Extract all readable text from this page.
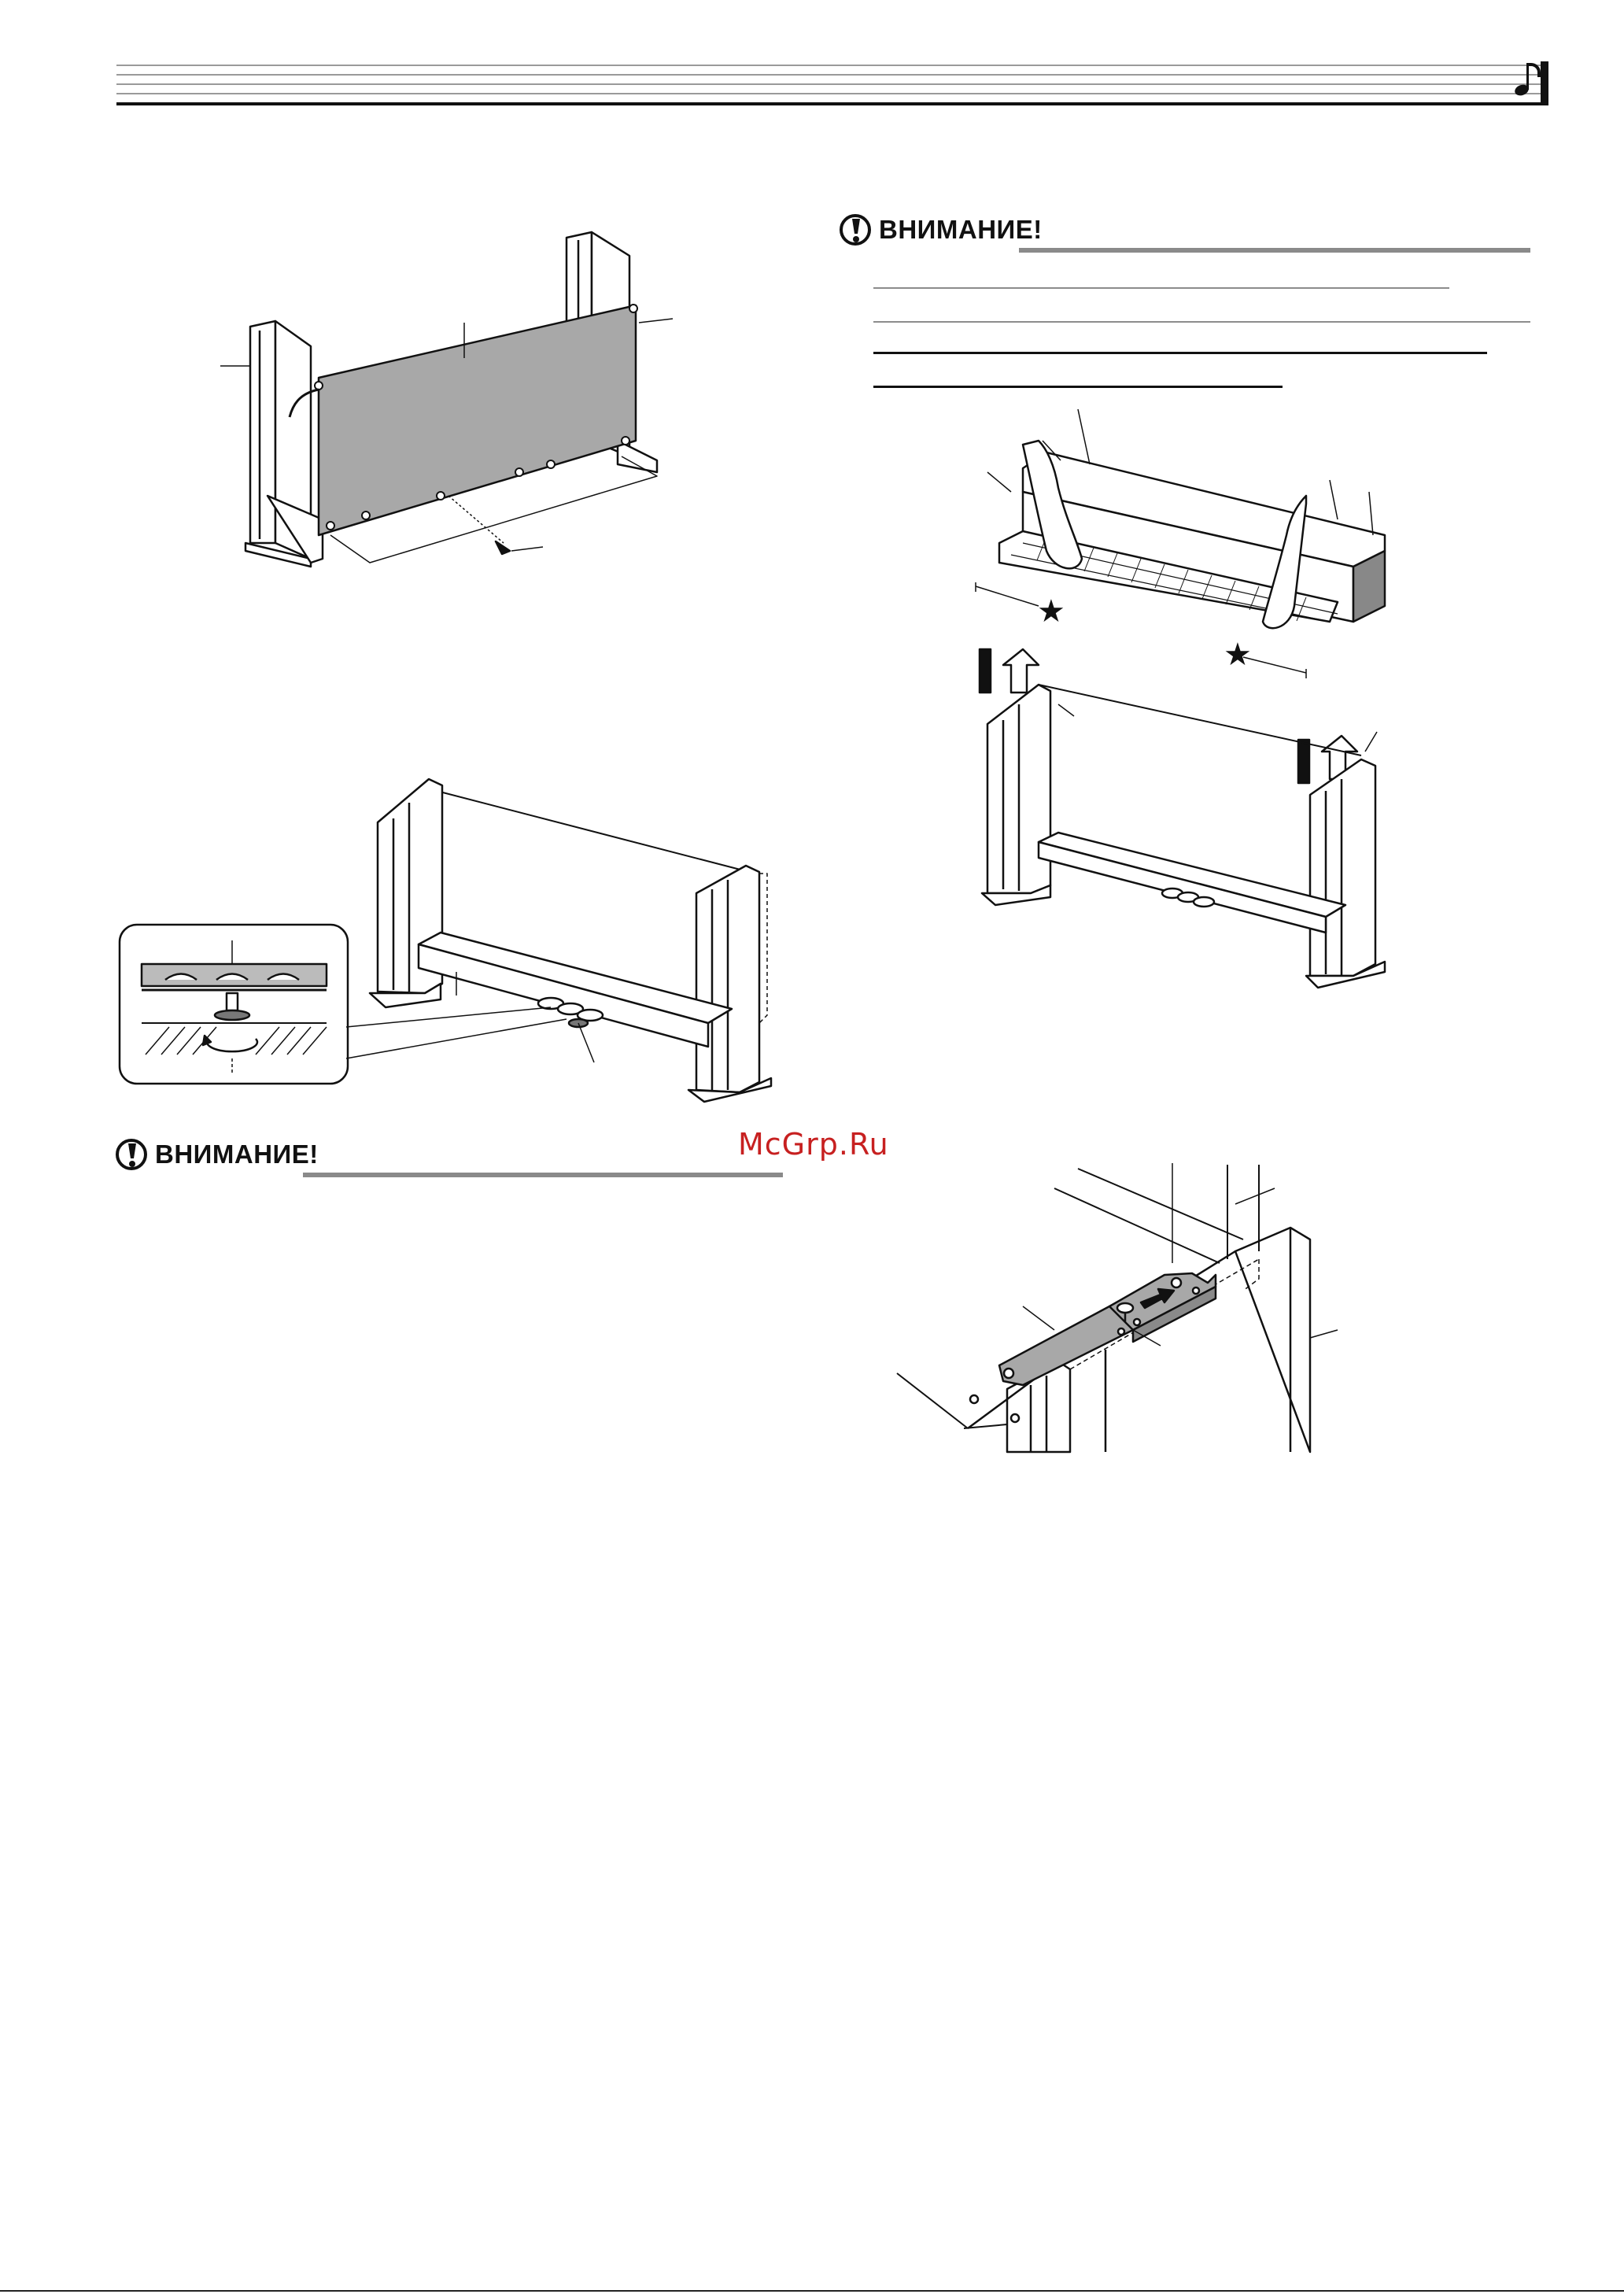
ВНИМАНИЕ!
★
★
ВНИМАНИЕ!	McGrp.Ru
